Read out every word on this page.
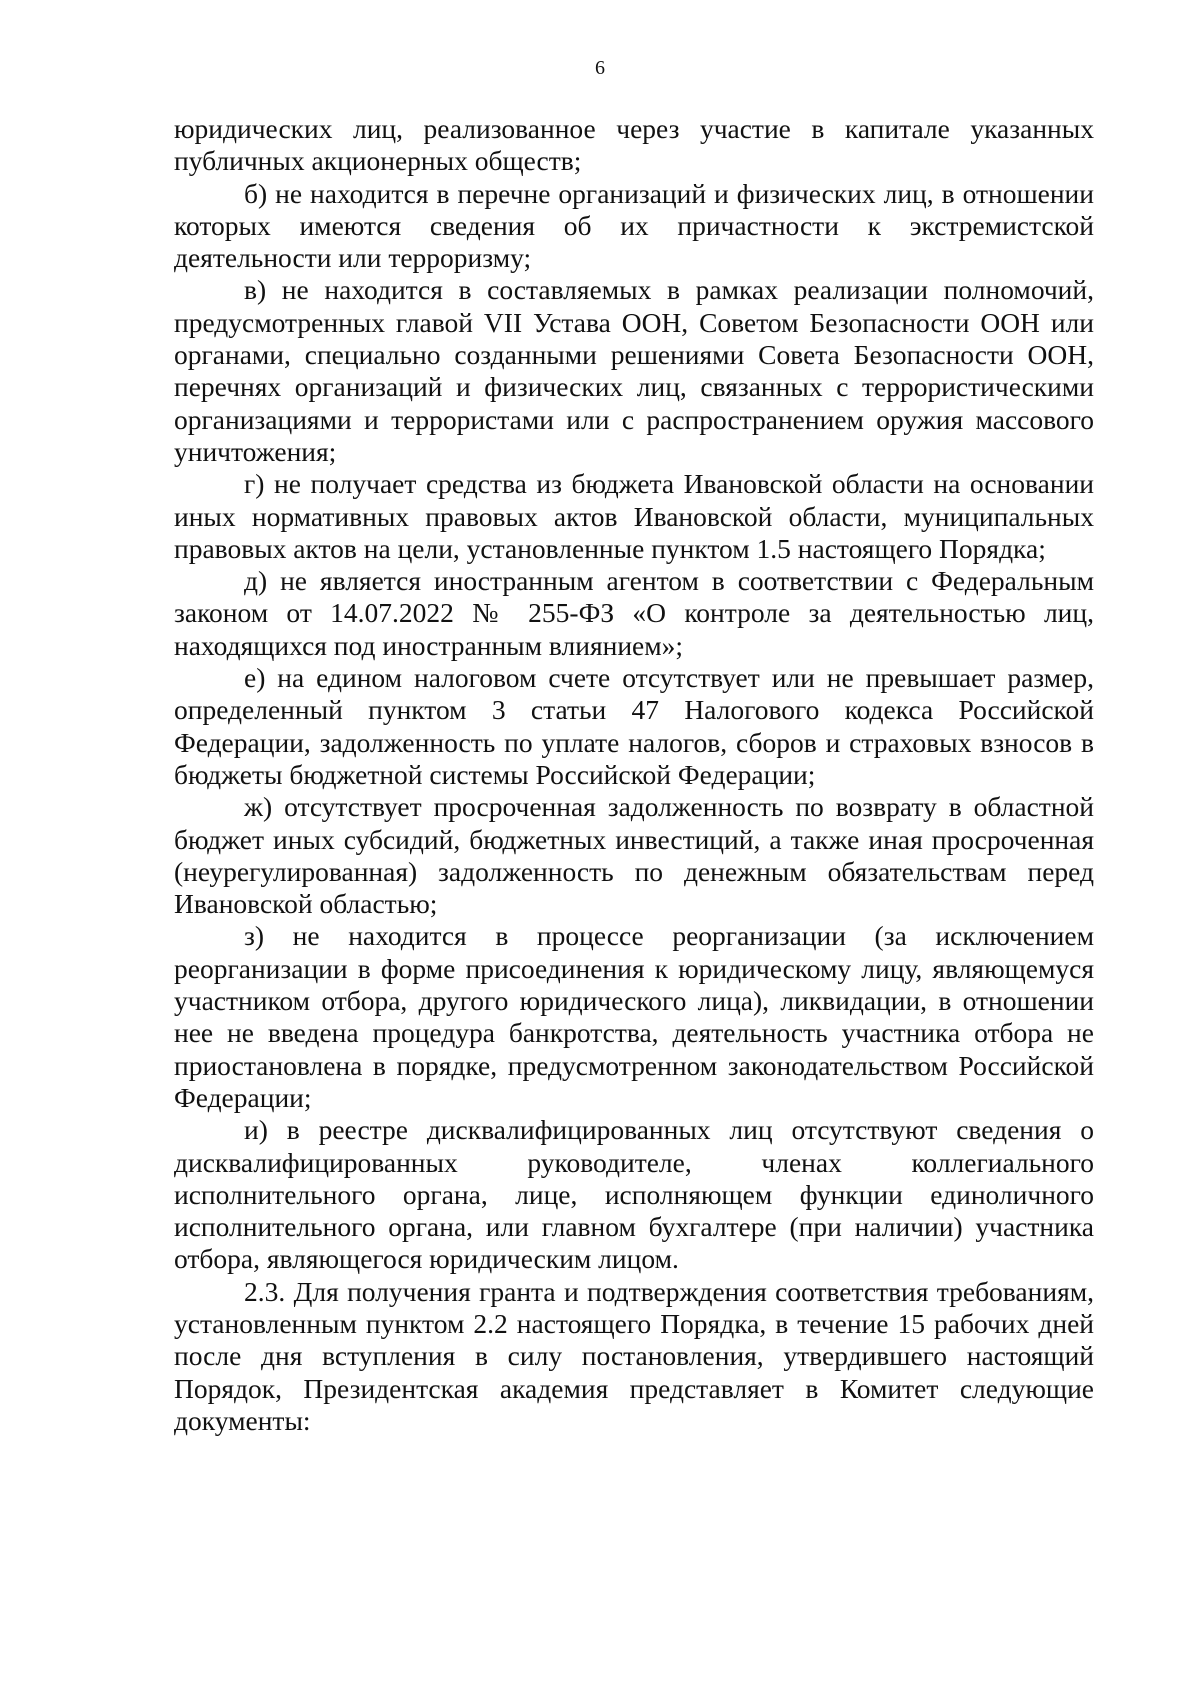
6

юридических лиц, реализованное через участие в капитале указанных публичных акционерных обществ;

б) не находится в перечне организаций и физических лиц, в отношении которых имеются сведения об их причастности к экстремистской деятельности или терроризму;

в) не находится в составляемых в рамках реализации полномочий, предусмотренных главой VII Устава ООН, Советом Безопасности ООН или органами, специально созданными решениями Совета Безопасности ООН, перечнях организаций и физических лиц, связанных с террористическими организациями и террористами или с распространением оружия массового уничтожения;

г) не получает средства из бюджета Ивановской области на основании иных нормативных правовых актов Ивановской области, муниципальных правовых актов на цели, установленные пунктом 1.5 настоящего Порядка;

д) не является иностранным агентом в соответствии с Федеральным законом от 14.07.2022 № 255-ФЗ «О контроле за деятельностью лиц, находящихся под иностранным влиянием»;

е) на едином налоговом счете отсутствует или не превышает размер, определенный пунктом 3 статьи 47 Налогового кодекса Российской Федерации, задолженность по уплате налогов, сборов и страховых взносов в бюджеты бюджетной системы Российской Федерации;

ж) отсутствует просроченная задолженность по возврату в областной бюджет иных субсидий, бюджетных инвестиций, а также иная просроченная (неурегулированная) задолженность по денежным обязательствам перед Ивановской областью;

з) не находится в процессе реорганизации (за исключением реорганизации в форме присоединения к юридическому лицу, являющемуся участником отбора, другого юридического лица), ликвидации, в отношении нее не введена процедура банкротства, деятельность участника отбора не приостановлена в порядке, предусмотренном законодательством Российской Федерации;

и) в реестре дисквалифицированных лиц отсутствуют сведения о дисквалифицированных руководителе, членах коллегиального исполнительного органа, лице, исполняющем функции единоличного исполнительного органа, или главном бухгалтере (при наличии) участника отбора, являющегося юридическим лицом.

2.3. Для получения гранта и подтверждения соответствия требованиям, установленным пунктом 2.2 настоящего Порядка, в течение 15 рабочих дней после дня вступления в силу постановления, утвердившего настоящий Порядок, Президентская академия представляет в Комитет следующие документы:
